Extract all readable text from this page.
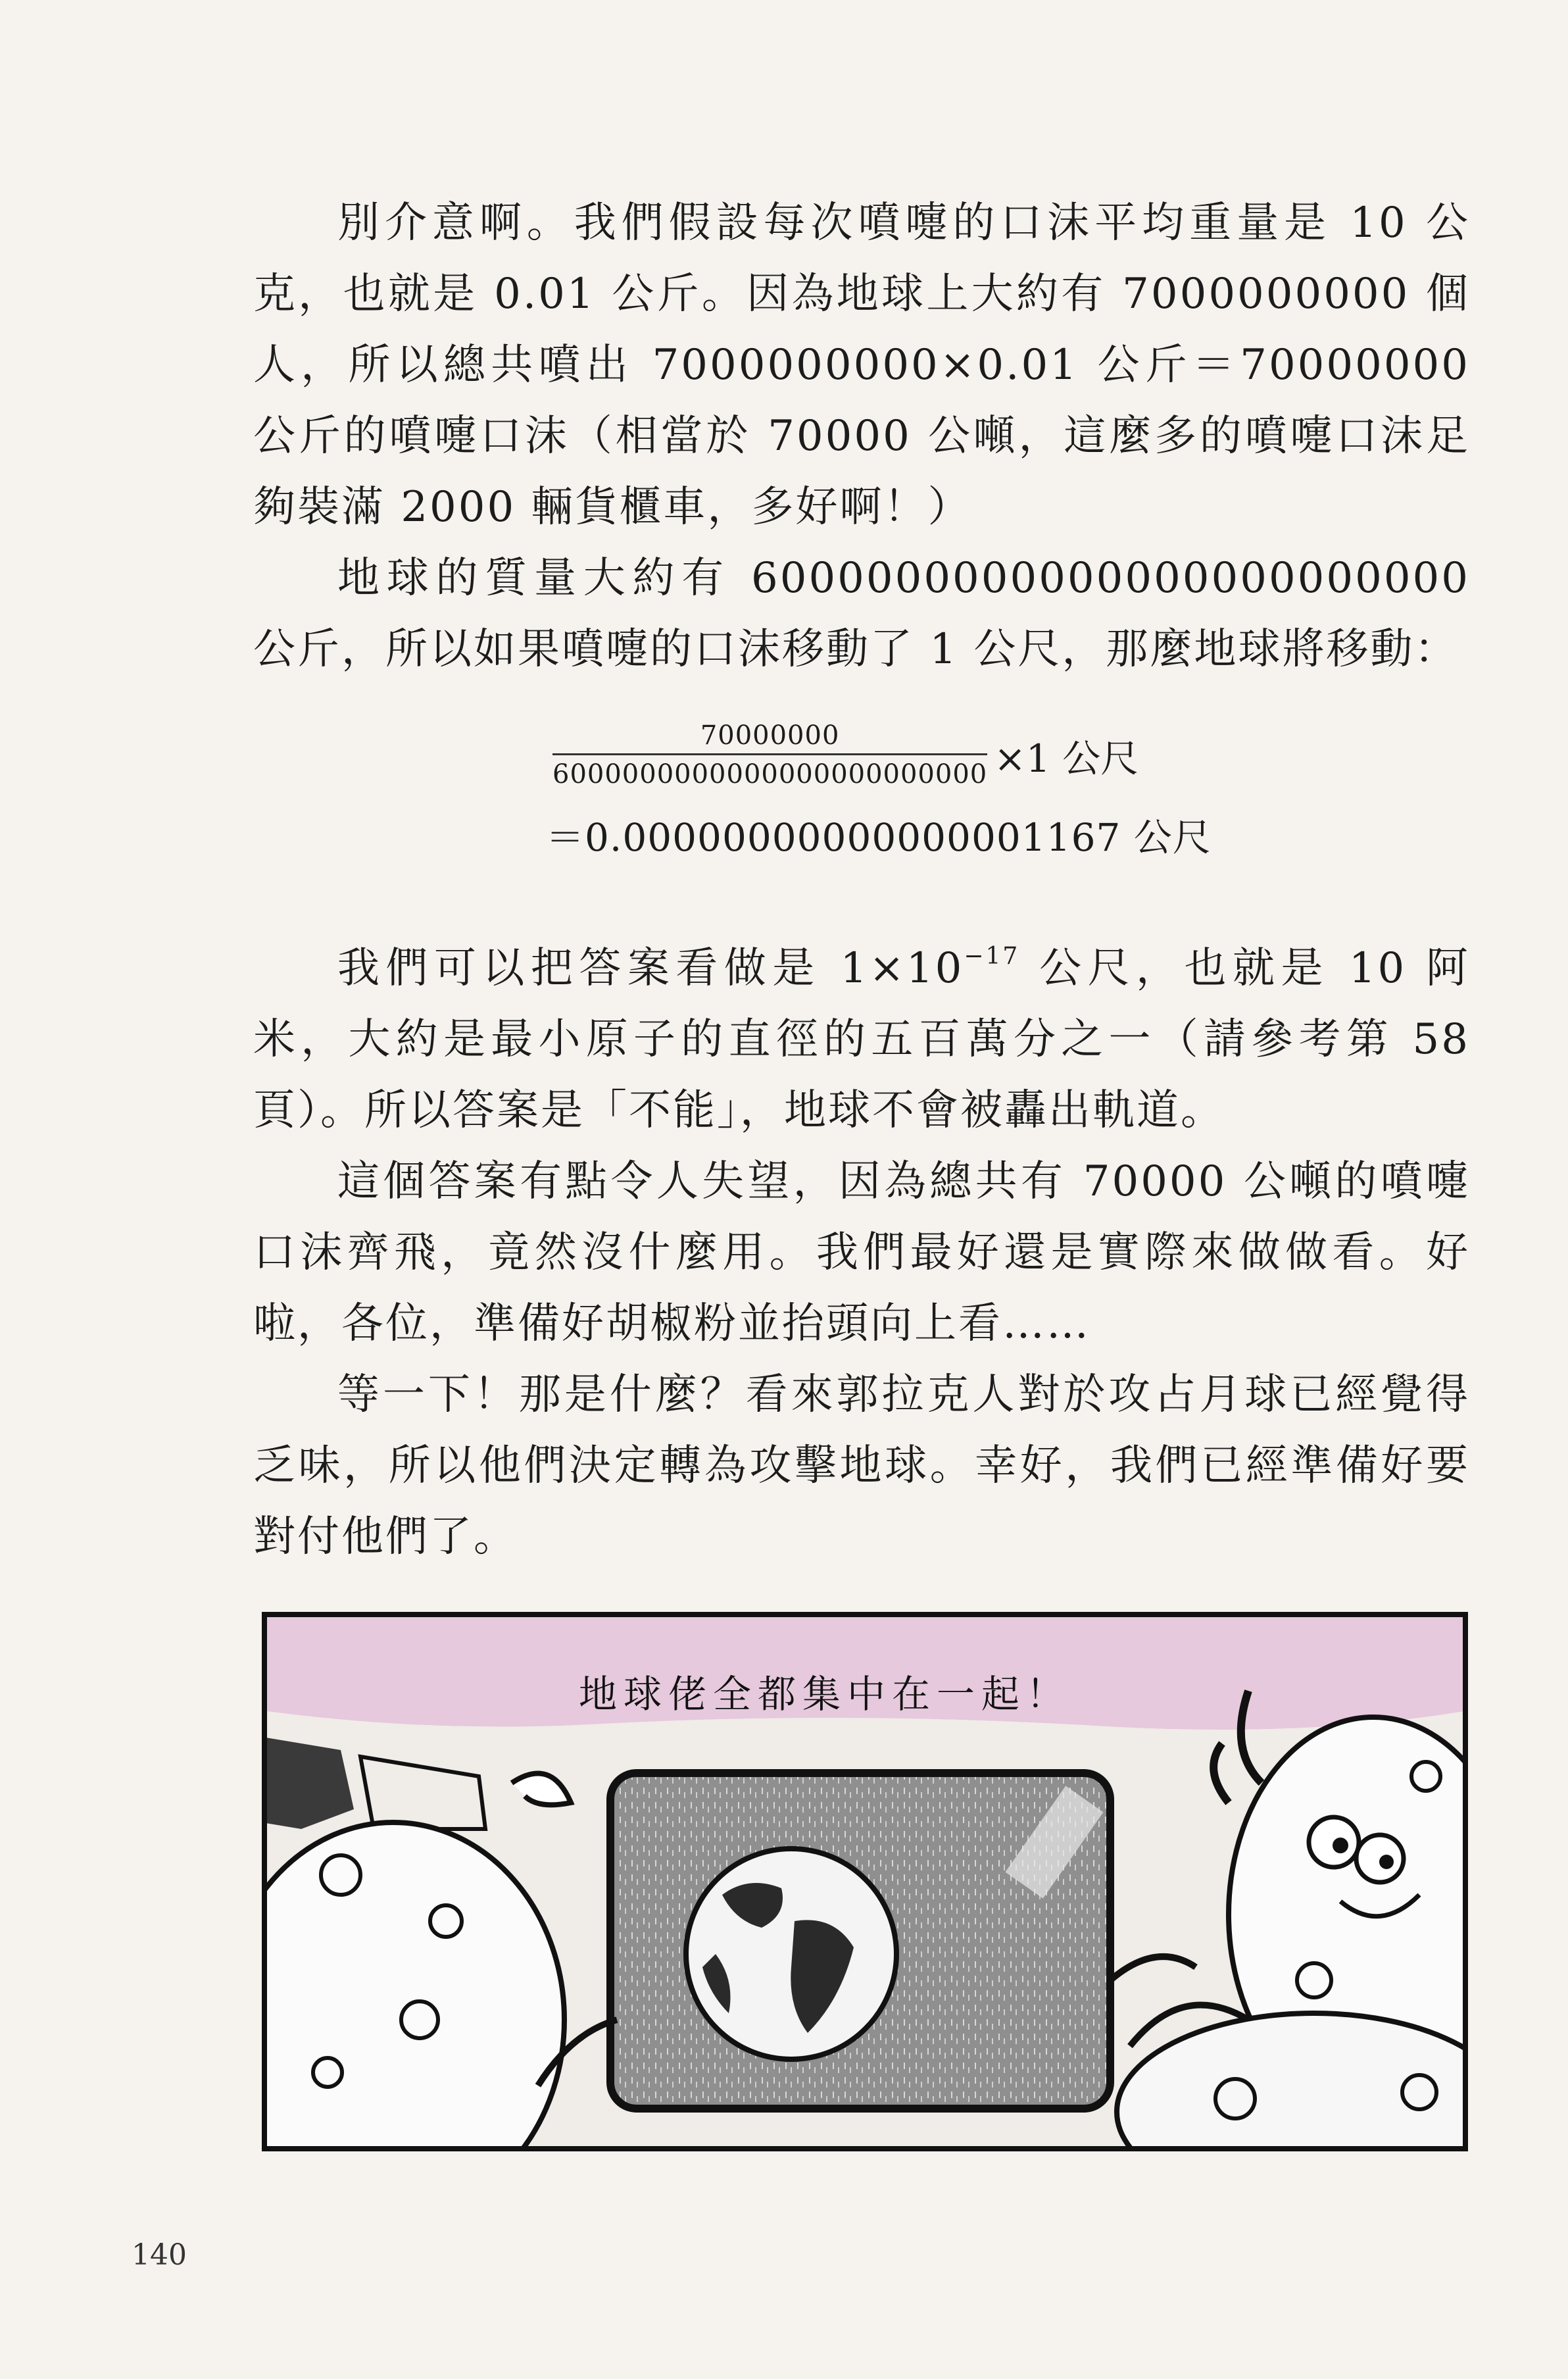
別介意啊。我們假設每次噴嚏的口沫平均重量是 10 公克，也就是 0.01 公斤。因為地球上大約有 7000000000 個人，所以總共噴出 7000000000×0.01 公斤＝70000000 公斤的噴嚏口沫（相當於 70000 公噸，這麼多的噴嚏口沫足夠裝滿 2000 輛貨櫃車，多好啊！）

地球的質量大約有 6000000000000000000000000 公斤，所以如果噴嚏的口沫移動了 1 公尺，那麼地球將移動：

$\frac{70000000}{6000000000000000000000000} \times 1$ 公尺
＝0.00000000000000001167 公尺

我們可以把答案看做是 $1\times 10^{-17}$ 公尺，也就是 10 阿米，大約是最小原子的直徑的五百萬分之一（請參考第 58 頁）。所以答案是「不能」，地球不會被轟出軌道。

這個答案有點令人失望，因為總共有 70000 公噸的噴嚏口沫齊飛，竟然沒什麼用。我們最好還是實際來做做看。好啦，各位，準備好胡椒粉並抬頭向上看……

等一下！那是什麼？看來郭拉克人對於攻占月球已經覺得乏味，所以他們決定轉為攻擊地球。幸好，我們已經準備好要對付他們了。

地球佬全都集中在一起！
140
